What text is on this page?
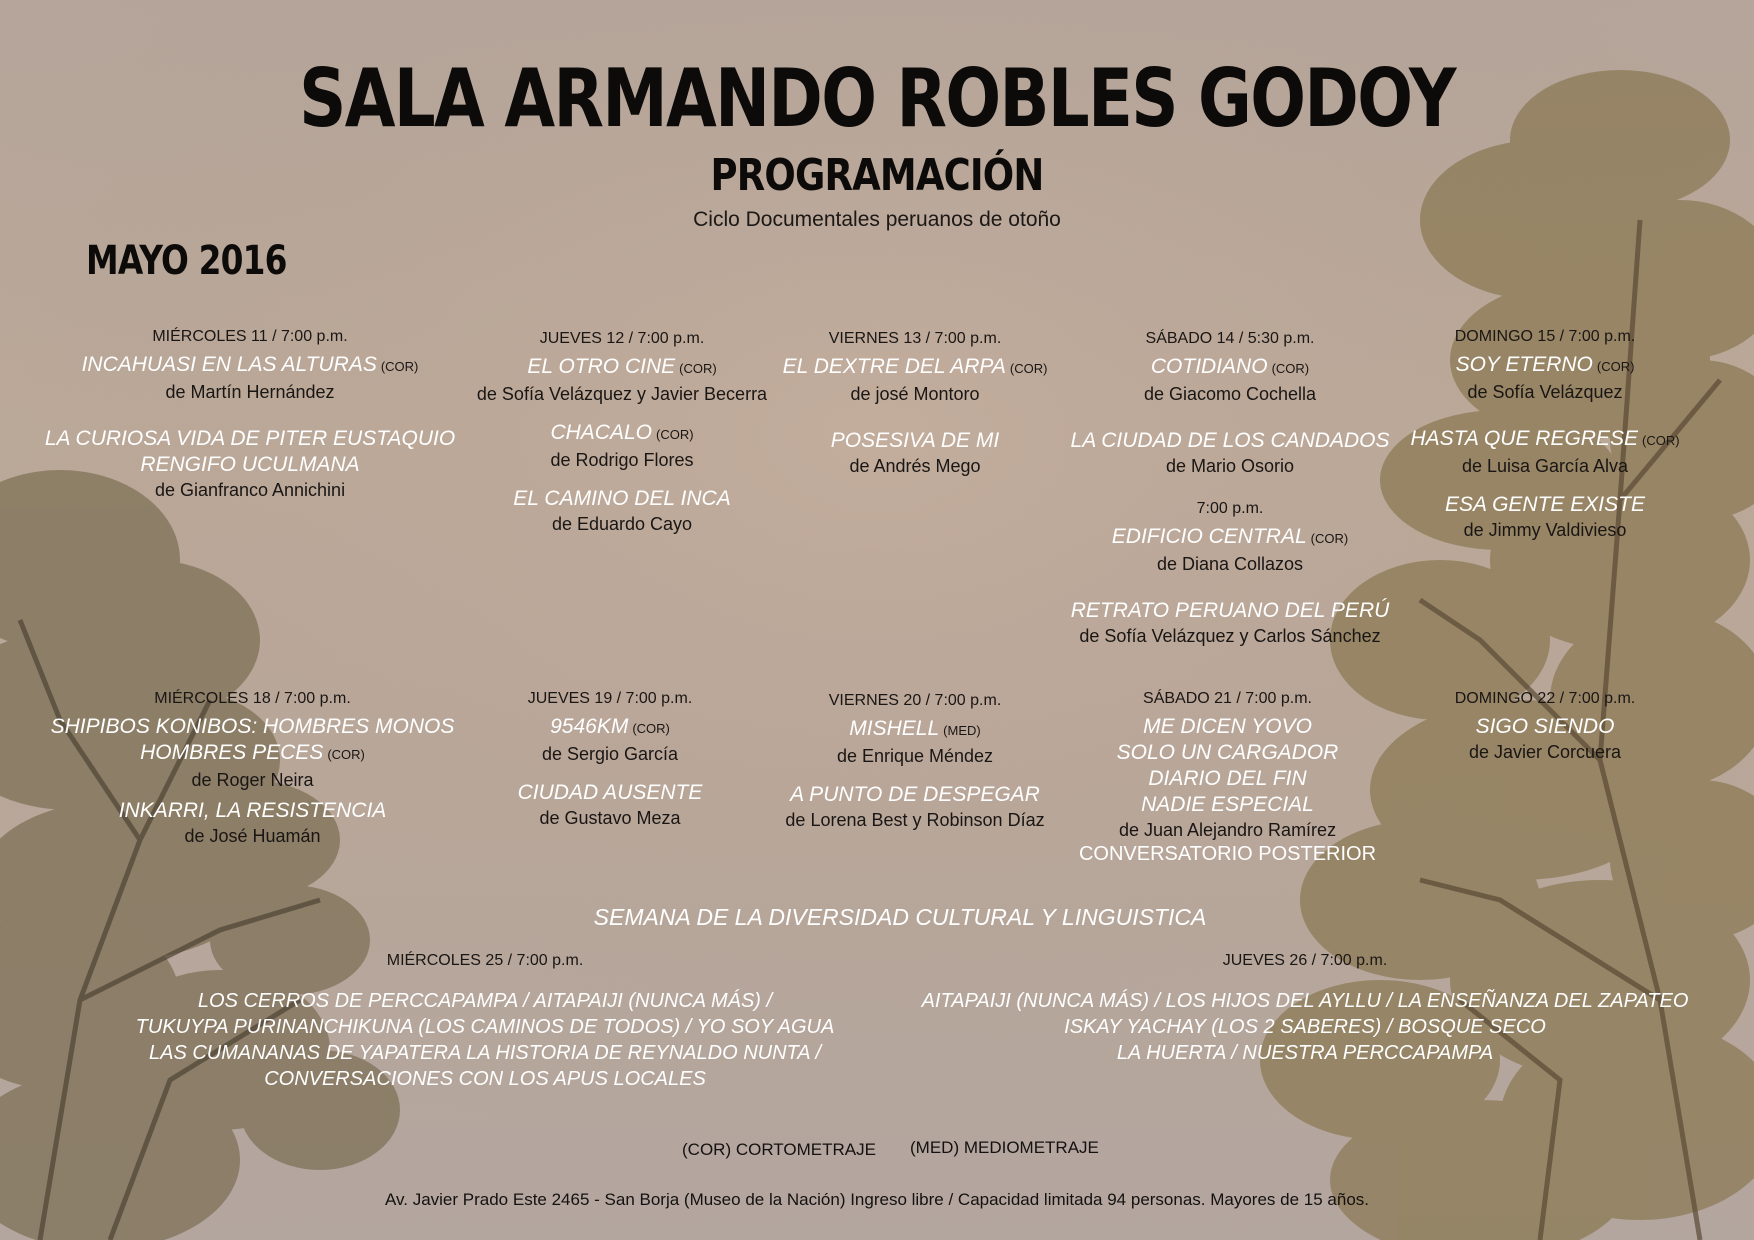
SALA ARMANDO ROBLES GODOY
PROGRAMACIÓN
Ciclo Documentales peruanos de otoño
MAYO 2016
MIÉRCOLES 11 / 7:00 p.m.
INCAHUASI EN LAS ALTURAS (COR)
de Martín Hernández
LA CURIOSA VIDA DE PITER EUSTAQUIO
RENGIFO UCULMANA
de Gianfranco Annichini
JUEVES 12 / 7:00 p.m.
EL OTRO CINE (COR)
de Sofía Velázquez y Javier Becerra
CHACALO (COR)
de Rodrigo Flores
EL CAMINO DEL INCA
de Eduardo Cayo
VIERNES 13 / 7:00 p.m.
EL DEXTRE DEL ARPA (COR)
de josé Montoro
POSESIVA DE MI
de Andrés Mego
SÁBADO 14 / 5:30 p.m.
COTIDIANO (COR)
de Giacomo Cochella
LA CIUDAD DE LOS CANDADOS
de Mario Osorio
7:00 p.m.
EDIFICIO CENTRAL (COR)
de Diana Collazos
RETRATO PERUANO DEL PERÚ
de Sofía Velázquez y Carlos Sánchez
DOMINGO 15 / 7:00 p.m.
SOY ETERNO (COR)
de Sofía Velázquez
HASTA QUE REGRESE (COR)
de Luisa García Alva
ESA GENTE EXISTE
de Jimmy Valdivieso
MIÉRCOLES 18 / 7:00 p.m.
SHIPIBOS KONIBOS: HOMBRES MONOS
HOMBRES PECES (COR)
de Roger Neira
INKARRI, LA RESISTENCIA
de José Huamán
JUEVES 19 / 7:00 p.m.
9546KM (COR)
de Sergio García
CIUDAD AUSENTE
de Gustavo Meza
VIERNES 20 / 7:00 p.m.
MISHELL (MED)
de Enrique Méndez
A PUNTO DE DESPEGAR
de Lorena Best y Robinson Díaz
SÁBADO 21 / 7:00 p.m.
ME DICEN YOVO
SOLO UN CARGADOR
DIARIO DEL FIN
NADIE ESPECIAL
de Juan Alejandro Ramírez
CONVERSATORIO POSTERIOR
DOMINGO 22 / 7:00 p.m.
SIGO SIENDO
de Javier Corcuera
SEMANA DE LA DIVERSIDAD CULTURAL Y LINGUISTICA
MIÉRCOLES 25 / 7:00 p.m.
LOS CERROS DE PERCCAPAMPA / AITAPAIJI (NUNCA MÁS) /
TUKUYPA PURINANCHIKUNA (LOS CAMINOS DE TODOS) / YO SOY AGUA
LAS CUMANANAS DE YAPATERA LA HISTORIA DE REYNALDO NUNTA /
CONVERSACIONES CON LOS APUS LOCALES
JUEVES 26 / 7:00 p.m.
AITAPAIJI (NUNCA MÁS) / LOS HIJOS DEL AYLLU / LA ENSEÑANZA DEL ZAPATEO
ISKAY YACHAY (LOS 2 SABERES) / BOSQUE SECO
LA HUERTA / NUESTRA PERCCAPAMPA
(COR) CORTOMETRAJE (MED) MEDIOMETRAJE
Av. Javier Prado Este 2465 - San Borja (Museo de la Nación) Ingreso libre / Capacidad limitada 94 personas. Mayores de 15 años.
